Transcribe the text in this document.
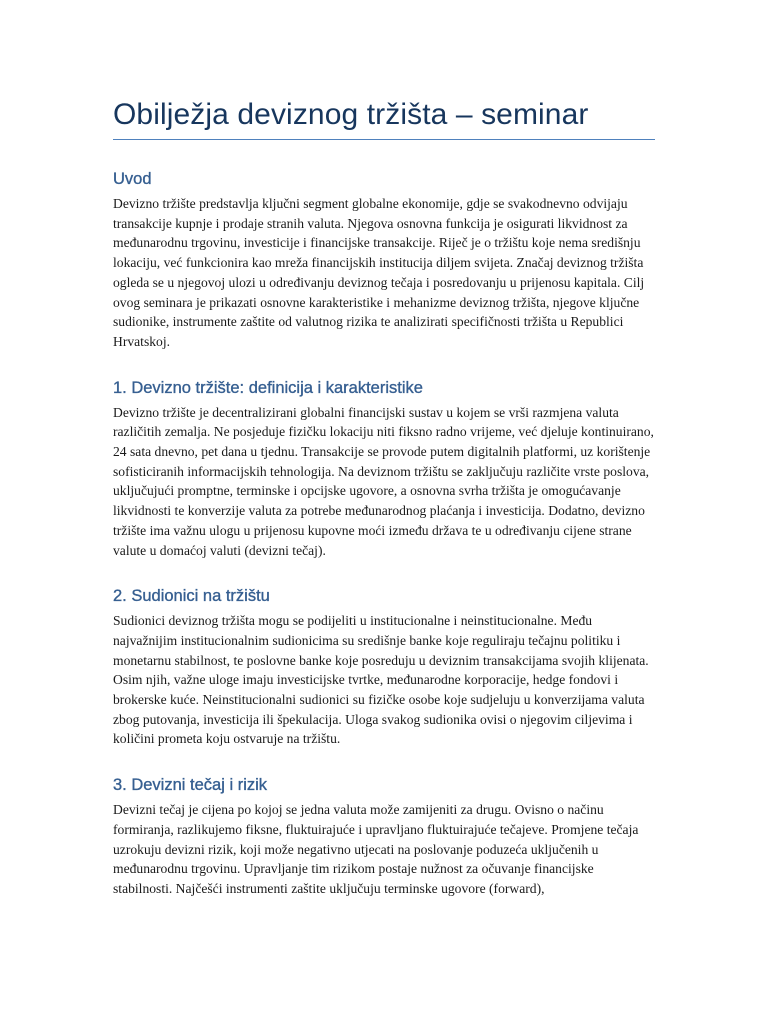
Obilježja deviznog tržišta – seminar
Uvod

Devizno tržište predstavlja ključni segment globalne ekonomije, gdje se svakodnevno odvijaju transakcije kupnje i prodaje stranih valuta. Njegova osnovna funkcija je osigurati likvidnost za međunarodnu trgovinu, investicije i financijske transakcije. Riječ je o tržištu koje nema središnju lokaciju, već funkcionira kao mreža financijskih institucija diljem svijeta. Značaj deviznog tržišta ogleda se u njegovoj ulozi u određivanju deviznog tečaja i posredovanju u prijenosu kapitala. Cilj ovog seminara je prikazati osnovne karakteristike i mehanizme deviznog tržišta, njegove ključne sudionike, instrumente zaštite od valutnog rizika te analizirati specifičnosti tržišta u Republici Hrvatskoj.

1. Devizno tržište: definicija i karakteristike

Devizno tržište je decentralizirani globalni financijski sustav u kojem se vrši razmjena valuta različitih zemalja. Ne posjeduje fizičku lokaciju niti fiksno radno vrijeme, već djeluje kontinuirano, 24 sata dnevno, pet dana u tjednu. Transakcije se provode putem digitalnih platformi, uz korištenje sofisticiranih informacijskih tehnologija. Na deviznom tržištu se zaključuju različite vrste poslova, uključujući promptne, terminske i opcijske ugovore, a osnovna svrha tržišta je omogućavanje likvidnosti te konverzije valuta za potrebe međunarodnog plaćanja i investicija. Dodatno, devizno tržište ima važnu ulogu u prijenosu kupovne moći između država te u određivanju cijene strane valute u domaćoj valuti (devizni tečaj).

2. Sudionici na tržištu

Sudionici deviznog tržišta mogu se podijeliti u institucionalne i neinstitucionalne. Među najvažnijim institucionalnim sudionicima su središnje banke koje reguliraju tečajnu politiku i monetarnu stabilnost, te poslovne banke koje posreduju u deviznim transakcijama svojih klijenata. Osim njih, važne uloge imaju investicijske tvrtke, međunarodne korporacije, hedge fondovi i brokerske kuće. Neinstitucionalni sudionici su fizičke osobe koje sudjeluju u konverzijama valuta zbog putovanja, investicija ili špekulacija. Uloga svakog sudionika ovisi o njegovim ciljevima i količini prometa koju ostvaruje na tržištu.

3. Devizni tečaj i rizik

Devizni tečaj je cijena po kojoj se jedna valuta može zamijeniti za drugu. Ovisno o načinu formiranja, razlikujemo fiksne, fluktuirajuće i upravljano fluktuirajuće tečajeve. Promjene tečaja uzrokuju devizni rizik, koji može negativno utjecati na poslovanje poduzeća uključenih u međunarodnu trgovinu. Upravljanje tim rizikom postaje nužnost za očuvanje financijske stabilnosti. Najčešći instrumenti zaštite uključuju terminske ugovore (forward),
